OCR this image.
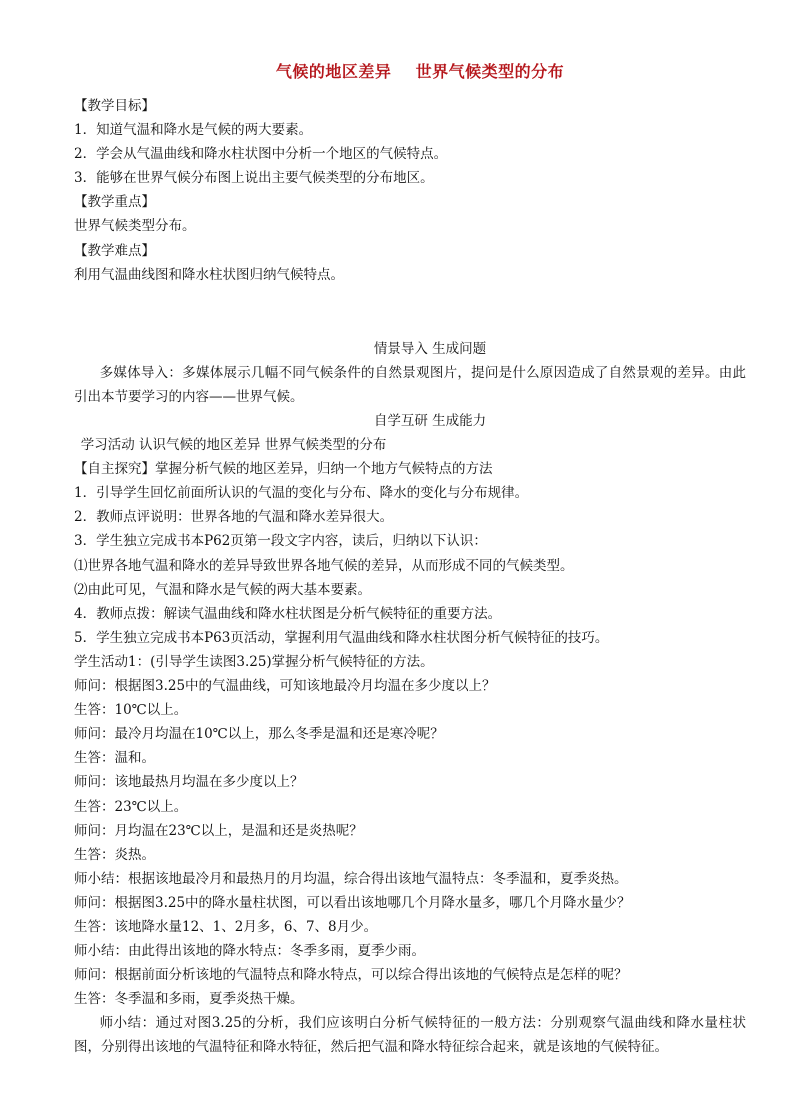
气候的地区差异    世界气候类型的分布
【教学目标】
1．知道气温和降水是气候的两大要素。
2．学会从气温曲线和降水柱状图中分析一个地区的气候特点。
3．能够在世界气候分布图上说出主要气候类型的分布地区。
【教学重点】
世界气候类型分布。
【教学难点】
利用气温曲线图和降水柱状图归纳气候特点。
情景导入 生成问题
多媒体导入：多媒体展示几幅不同气候条件的自然景观图片，提问是什么原因造成了自然景观的差异。由此引出本节要学习的内容——世界气候。
自学互研 生成能力
学习活动 认识气候的地区差异 世界气候类型的分布
【自主探究】掌握分析气候的地区差异，归纳一个地方气候特点的方法
1．引导学生回忆前面所认识的气温的变化与分布、降水的变化与分布规律。
2．教师点评说明：世界各地的气温和降水差异很大。
3．学生独立完成书本P62页第一段文字内容，读后，归纳以下认识：
⑴世界各地气温和降水的差异导致世界各地气候的差异，从而形成不同的气候类型。
⑵由此可见，气温和降水是气候的两大基本要素。
4．教师点拨：解读气温曲线和降水柱状图是分析气候特征的重要方法。
5．学生独立完成书本P63页活动，掌握利用气温曲线和降水柱状图分析气候特征的技巧。
学生活动1：(引导学生读图3.25)掌握分析气候特征的方法。
师问：根据图3.25中的气温曲线，可知该地最冷月均温在多少度以上？
生答：10℃以上。
师问：最冷月均温在10℃以上，那么冬季是温和还是寒冷呢？
生答：温和。
师问：该地最热月均温在多少度以上？
生答：23℃以上。
师问：月均温在23℃以上，是温和还是炎热呢？
生答：炎热。
师小结：根据该地最冷月和最热月的月均温，综合得出该地气温特点：冬季温和，夏季炎热。
师问：根据图3.25中的降水量柱状图，可以看出该地哪几个月降水量多，哪几个月降水量少？
生答：该地降水量12、1、2月多，6、7、8月少。
师小结：由此得出该地的降水特点：冬季多雨，夏季少雨。
师问：根据前面分析该地的气温特点和降水特点，可以综合得出该地的气候特点是怎样的呢？
生答：冬季温和多雨，夏季炎热干燥。
师小结：通过对图3.25的分析，我们应该明白分析气候特征的一般方法：分别观察气温曲线和降水量柱状图，分别得出该地的气温特征和降水特征，然后把气温和降水特征综合起来，就是该地的气候特征。
